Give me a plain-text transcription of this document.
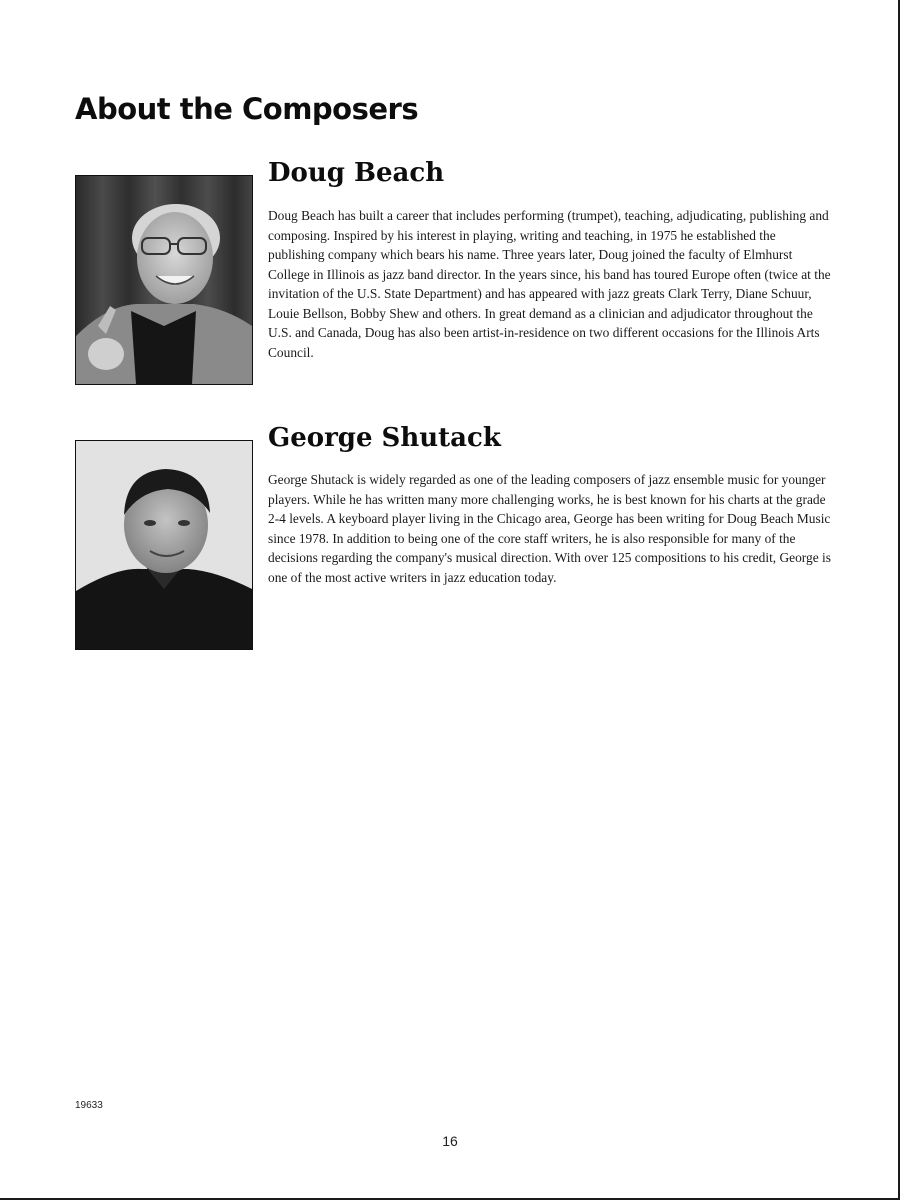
About the Composers
Doug Beach

Doug Beach has built a career that includes performing (trumpet), teaching, adjudicating, publishing and composing. Inspired by his interest in playing, writing and teaching, in 1975 he established the publishing company which bears his name. Three years later, Doug joined the faculty of Elmhurst College in Illinois as jazz band director. In the years since, his band has toured Europe often (twice at the invitation of the U.S. State Department) and has appeared with jazz greats Clark Terry, Diane Schuur, Louie Bellson, Bobby Shew and others. In great demand as a clinician and adjudicator throughout the U.S. and Canada, Doug has also been artist-in-residence on two different occasions for the Illinois Arts Council.

George Shutack

George Shutack is widely regarded as one of the leading composers of jazz ensemble music for younger players. While he has written many more challenging works, he is best known for his charts at the grade 2-4 levels. A keyboard player living in the Chicago area, George has been writing for Doug Beach Music since 1978. In addition to being one of the core staff writers, he is also responsible for many of the decisions regarding the company's musical direction. With over 125 compositions to his credit, George is one of the most active writers in jazz education today.

19633
16
